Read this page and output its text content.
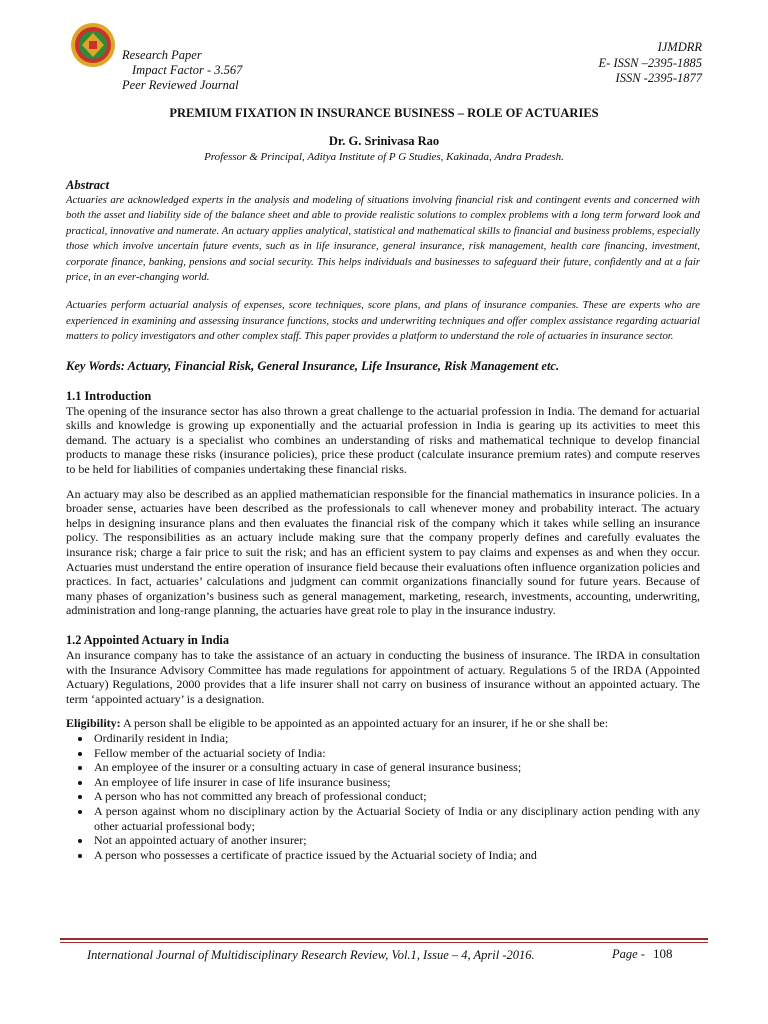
Research Paper
Impact Factor - 3.567
Peer Reviewed Journal
IJMDRR
E- ISSN –2395-1885
ISSN -2395-1877
PREMIUM FIXATION IN INSURANCE BUSINESS – ROLE OF ACTUARIES
Dr. G. Srinivasa Rao
Professor & Principal, Aditya Institute of P G Studies, Kakinada, Andra Pradesh.

Abstract

Actuaries are acknowledged experts in the analysis and modeling of situations involving financial risk and contingent events and concerned with both the asset and liability side of the balance sheet and able to provide realistic solutions to complex problems with a long term forward look and practical, innovative and numerate. An actuary applies analytical, statistical and mathematical skills to financial and business problems, especially those which involve uncertain future events, such as in life insurance, general insurance, risk management, health care financing, investment, corporate finance, banking, pensions and social security. This helps individuals and businesses to safeguard their future, confidently and at a fair price, in an ever-changing world.

Actuaries perform actuarial analysis of expenses, score techniques, score plans, and plans of insurance companies. These are experts who are experienced in examining and assessing insurance functions, stocks and underwriting techniques and offer complex assistance regarding actuarial matters to policy investigators and other complex staff. This paper provides a platform to understand the role of actuaries in insurance sector.

Key Words: Actuary, Financial Risk, General Insurance, Life Insurance, Risk Management etc.

1.1 Introduction

The opening of the insurance sector has also thrown a great challenge to the actuarial profession in India. The demand for actuarial skills and knowledge is growing up exponentially and the actuarial profession in India is gearing up its activities to meet this demand. The actuary is a specialist who combines an understanding of risks and mathematical technique to develop financial products to manage these risks (insurance policies), price these product (calculate insurance premium rates) and compute reserves to be held for liabilities of companies undertaking these financial risks.

An actuary may also be described as an applied mathematician responsible for the financial mathematics in insurance policies. In a broader sense, actuaries have been described as the professionals to call whenever money and probability interact. The actuary helps in designing insurance plans and then evaluates the financial risk of the company which it takes while selling an insurance policy. The responsibilities as an actuary include making sure that the company properly defines and carefully evaluates the insurance risk; charge a fair price to suit the risk; and has an efficient system to pay claims and expenses as and when they occur. Actuaries must understand the entire operation of insurance field because their evaluations often influence organization policies and practices. In fact, actuaries’ calculations and judgment can commit organizations financially sound for future years. Because of many phases of organization’s business such as general management, marketing, research, investments, accounting, underwriting, administration and long-range planning, the actuaries have great role to play in the insurance industry.

1.2 Appointed Actuary in India

An insurance company has to take the assistance of an actuary in conducting the business of insurance. The IRDA in consultation with the Insurance Advisory Committee has made regulations for appointment of actuary. Regulations 5 of the IRDA (Appointed Actuary) Regulations, 2000 provides that a life insurer shall not carry on business of insurance without an appointed actuary. The term ‘appointed actuary’ is a designation.

Eligibility: A person shall be eligible to be appointed as an appointed actuary for an insurer, if he or she shall be:

• Ordinarily resident in India;
• Fellow member of the actuarial society of India:
• An employee of the insurer or a consulting actuary in case of general insurance business;
• An employee of life insurer in case of life insurance business;
• A person who has not committed any breach of professional conduct;
• A person against whom no disciplinary action by the Actuarial Society of India or any disciplinary action pending with any other actuarial professional body;
• Not an appointed actuary of another insurer;
• A person who possesses a certificate of practice issued by the Actuarial society of India; and
International Journal of Multidisciplinary Research Review, Vol.1, Issue – 4, April -2016.	Page - 108
